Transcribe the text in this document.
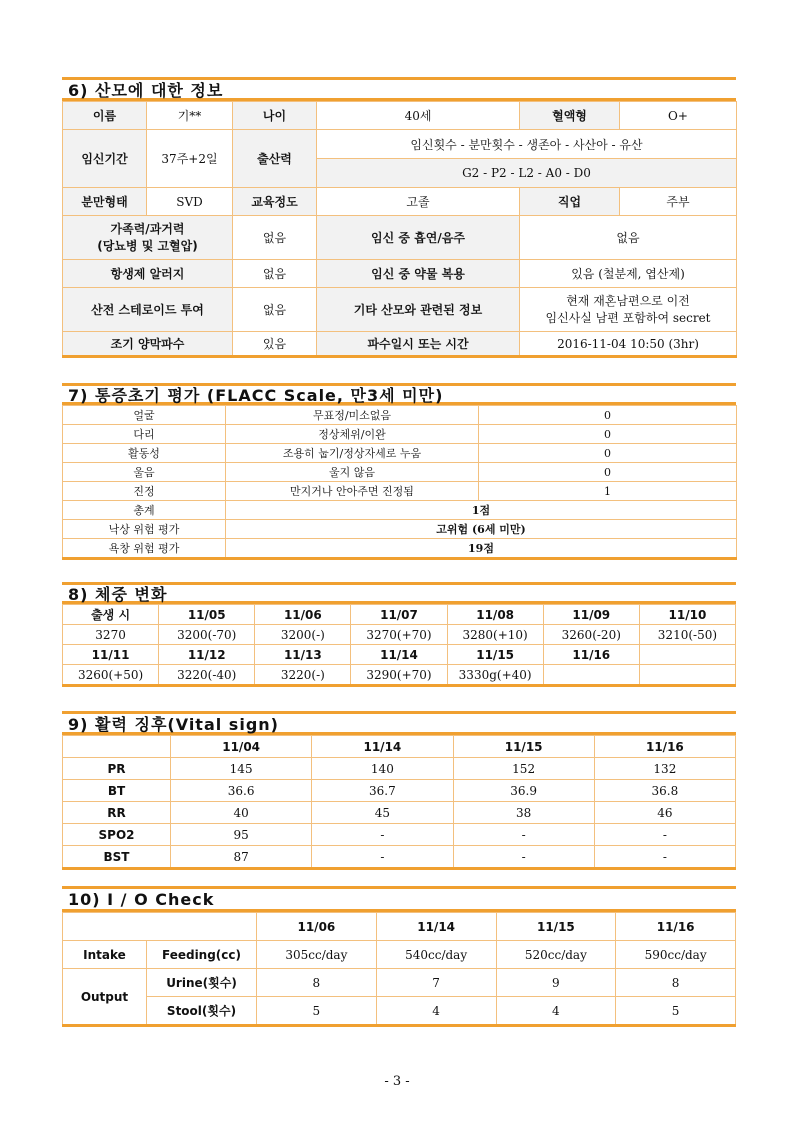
6) 산모에 대한 정보
이름	기**	나이	40세	혈액형	O+
임신기간	37주+2일	출산력	임신횟수 - 분만횟수 - 생존아 - 사산아 - 유산		
			G2 - P2 - L2 - A0 - D0		
분만형태	SVD	교육정도	고졸	직업	주부

가족력/과거력
(당뇨병 및 고혈압)		없음	임신 중 흡연/음주	없음	
항생제 알러지		없음	임신 중 약물 복용	있음 (철분제, 엽산제)	
산전 스테로이드 투여		없음	기타 산모와 관련된 정보	현재 재혼남편으로 이전
임신사실 남편 포함하여 secret	

조기 양막파수		있음	파수일시 또는 시간	2016-11-04 10:50 (3hr)	
7) 통증초기 평가 (FLACC Scale, 만3세 미만)
얼굴	무표정/미소없음	0
다리	정상체위/이완	0
활동성	조용히 눕기/정상자세로 누움	0
울음	울지 않음	0
진정	만지거나 안아주면 진정됨	1
총계	1점	
낙상 위험 평가	고위험 (6세 미만)	
욕창 위험 평가	19점	
8) 체중 변화
출생 시	11/05	11/06	11/07	11/08	11/09	11/10
3270	3200(-70)	3200(-)	3270(+70)	3280(+10)	3260(-20)	3210(-50)
11/11	11/12	11/13	11/14	11/15	11/16	
3260(+50)	3220(-40)	3220(-)	3290(+70)	3330g(+40)		
9) 활력 징후(Vital sign)
	11/04	11/14	11/15	11/16
PR	145	140	152	132
BT	36.6	36.7	36.9	36.8
RR	40	45	38	46
SPO2	95	-	-	-
BST	87	-	-	-
10) I / O Check
		11/06	11/14	11/15	11/16
Intake	Feeding(cc)	305cc/day	540cc/day	520cc/day	590cc/day
Output	Urine(횟수)	8	7	9	8
	Stool(횟수)	5	4	4	5
- 3 -
